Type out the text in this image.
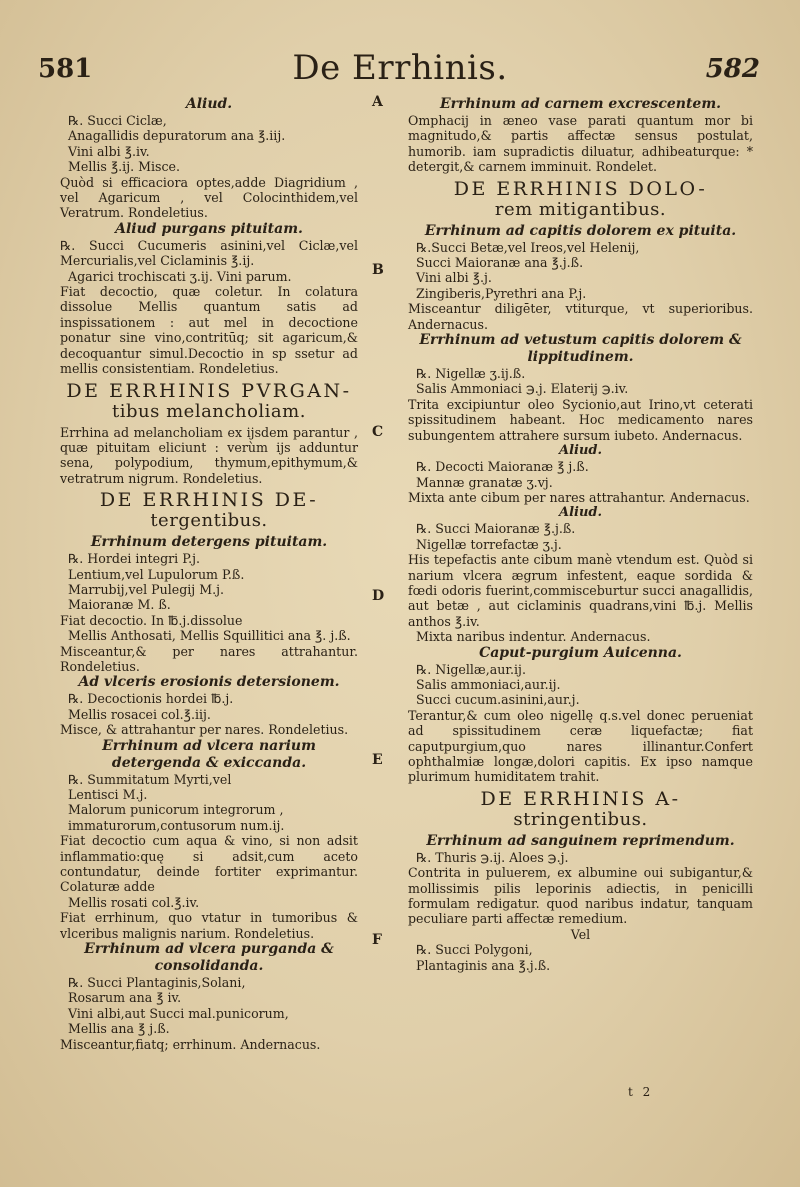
581	De Errhinis.	582
A
B
C
D
E
F

Aliud.

℞. Succi Ciclæ,

Anagallidis depuratorum ana ℥.iij.

Vini albi ℥.iv.

Mellis ℥.ij. Misce.

Quòd si efficaciora optes,adde Diagridium , vel Agaricum , vel Colocinthidem,vel Veratrum. Rondeletius.

Aliud purgans pituitam.

℞. Succi Cucumeris asinini,vel Ciclæ,vel Mercurialis,vel Ciclaminis ℥.ij.

Agarici trochiscati ʒ.ij. Vini parum.

Fiat decoctio, quæ coletur. In colatura dissolue Mellis quantum satis ad inspissationem : aut mel in decoctione ponatur sine vino,contritūq; sit agaricum,& decoquantur simul.Decoctio in sp ssetur ad mellis consistentiam. Rondeletius.

DE ERRHINIS PVRGAN-
tibus melancholiam.

Errhina ad melancholiam ex ijsdem parantur , quæ pituitam eliciunt : verùm ijs adduntur sena, polypodium, thymum,epithymum,& vetratrum nigrum. Rondeletius.

DE ERRHINIS DE-
tergentibus.

Errhinum detergens pituitam.

℞. Hordei integri P.j.

Lentium,vel Lupulorum P.ß.

Marrubij,vel Pulegij M.j.

Maioranæ M. ß.

Fiat decoctio. In ℔.j.dissolue

Mellis Anthosati, Mellis Squillitici ana ℥. j.ß.

Misceantur,& per nares attrahantur. Rondeletius.

Ad vlceris erosionis detersionem.

℞. Decoctionis hordei ℔.j.

Mellis rosacei col.℥.iij.

Misce, & attrahantur per nares. Rondeletius.

Errhinum ad vlcera narium detergenda & exiccanda.

℞. Summitatum Myrti,vel

Lentisci M.j.

Malorum punicorum integrorum , immaturorum,contusorum num.ij.

Fiat decoctio cum aqua & vino, si non adsit inflammatio:quę si adsit,cum aceto contundatur, deinde fortiter exprimantur. Colaturæ adde

Mellis rosati col.℥.iv.

Fiat errhinum, quo vtatur in tumoribus & vlceribus malignis narium. Rondeletius.

Errhinum ad vlcera purganda & consolidanda.

℞. Succi Plantaginis,Solani,

Rosarum ana ℥ iv.

Vini albi,aut Succi mal.punicorum,

Mellis ana ℥ j.ß.

Misceantur,fiatq; errhinum. Andernacus.

Errhinum ad carnem excrescentem.

Omphacij in æneo vase parati quantum mor bi magnitudo,& partis affectæ sensus postulat, humorib. iam supradictis diluatur, adhibeaturque: * detergit,& carnem imminuit. Rondelet.

DE ERRHINIS DOLO-
rem mitigantibus.

Errhinum ad capitis dolorem ex pituita.

℞.Succi Betæ,vel Ireos,vel Helenij,

Succi Maioranæ ana ℥.j.ß.

Vini albi ℥.j.

Zingiberis,Pyrethri ana P.j.

Misceantur diligēter, vtiturque, vt superioribus. Andernacus.

Errhinum ad vetustum capitis dolorem & lippitudinem.

℞. Nigellæ ʒ.ij.ß.

Salis Ammoniaci ℈.j. Elaterij ℈.iv.

Trita excipiuntur oleo Sycionio,aut Irino,vt ceterati spissitudinem habeant. Hoc medicamento nares subungentem attrahere sursum iubeto. Andernacus.

Aliud.

℞. Decocti Maioranæ ℥ j.ß.

Mannæ granatæ ʒ.vj.

Mixta ante cibum per nares attrahantur. Andernacus.

Aliud.

℞. Succi Maioranæ ℥.j.ß.

Nigellæ torrefactæ ʒ.j.

His tepefactis ante cibum manè vtendum est. Quòd si narium vlcera ægrum infestent, eaque sordida & fœdi odoris fuerint,commisceburtur succi anagallidis, aut betæ , aut ciclaminis quadrans,vini ℔.j. Mellis anthos ℥.iv.

Mixta naribus indentur. Andernacus.

Caput-purgium Auicenna.

℞. Nigellæ,aur.ij.

Salis ammoniaci,aur.ij.

Succi cucum.asinini,aur.j.

Terantur,& cum oleo nigellę q.s.vel donec perueniat ad spissitudinem ceræ liquefactæ; fiat caputpurgium,quo nares illinantur.Confert ophthalmiæ longæ,dolori capitis. Ex ipso namque plurimum humiditatem trahit.

DE ERRHINIS A-
stringentibus.

Errhinum ad sanguinem reprimendum.

℞. Thuris ℈.ij. Aloes ℈.j.

Contrita in puluerem, ex albumine oui subigantur,& mollissimis pilis leporinis adiectis, in penicilli formulam redigatur. quod naribus indatur, tanquam peculiare parti affectæ remedium.

Vel

℞. Succi Polygoni,

Plantaginis ana ℥.j.ß.

t 2
